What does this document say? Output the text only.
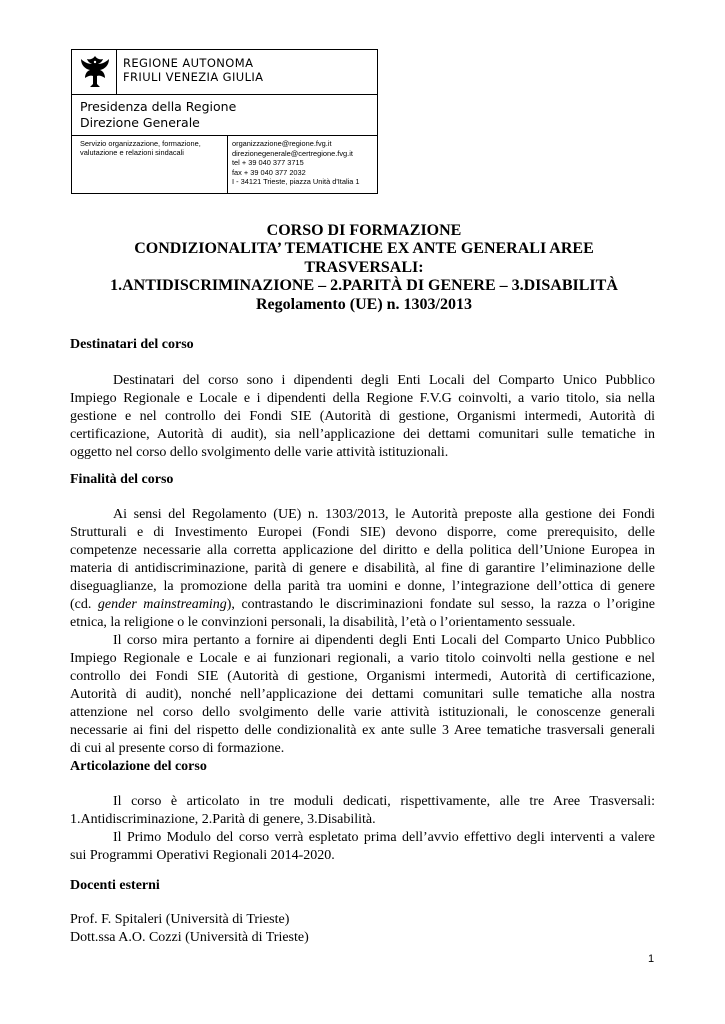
REGIONE AUTONOMA
FRIULI VENEZIA GIULIA
Presidenza della Regione
Direzione Generale
Servizio organizzazione, formazione,
valutazione e relazioni sindacali
organizzazione@regione.fvg.it
direzionegenerale@certregione.fvg.it
tel + 39 040 377 3715
fax + 39 040 377 2032
I - 34121 Trieste, piazza Unità d'Italia 1
CORSO DI FORMAZIONE
CONDIZIONALITA’ TEMATICHE EX ANTE GENERALI AREE
TRASVERSALI:
1.ANTIDISCRIMINAZIONE – 2.PARITÀ DI GENERE – 3.DISABILITÀ
Regolamento (UE) n. 1303/2013
Destinatari del corso
Destinatari del corso sono i dipendenti degli Enti Locali del Comparto Unico Pubblico
Impiego Regionale e Locale e i dipendenti della Regione F.V.G coinvolti, a vario titolo, sia nella
gestione e nel controllo dei Fondi SIE (Autorità di gestione, Organismi intermedi, Autorità di
certificazione, Autorità di audit), sia nell’applicazione dei dettami comunitari sulle tematiche in
oggetto nel corso dello svolgimento delle varie attività istituzionali.
Finalità del corso
Ai sensi del Regolamento (UE) n. 1303/2013, le Autorità preposte alla gestione dei Fondi
Strutturali e di Investimento Europei (Fondi SIE) devono disporre, come prerequisito, delle
competenze necessarie alla corretta applicazione del diritto e della politica dell’Unione Europea in
materia di antidiscriminazione, parità di genere e disabilità, al fine di garantire l’eliminazione delle
diseguaglianze, la promozione della parità tra uomini e donne, l’integrazione dell’ottica di genere
(cd. gender mainstreaming), contrastando le discriminazioni fondate sul sesso, la razza o l’origine
etnica, la religione o le convinzioni personali, la disabilità, l’età o l’orientamento sessuale.
Il corso mira pertanto a fornire ai dipendenti degli Enti Locali del Comparto Unico Pubblico
Impiego Regionale e Locale e ai funzionari regionali, a vario titolo coinvolti nella gestione e nel
controllo dei Fondi SIE (Autorità di gestione, Organismi intermedi, Autorità di certificazione,
Autorità di audit), nonché nell’applicazione dei dettami comunitari sulle tematiche alla nostra
attenzione nel corso dello svolgimento delle varie attività istituzionali, le conoscenze generali
necessarie ai fini del rispetto delle condizionalità ex ante sulle 3 Aree tematiche trasversali generali
di cui al presente corso di formazione.
Articolazione del corso
Il corso è articolato in tre moduli dedicati, rispettivamente, alle tre Aree Trasversali:
1.Antidiscriminazione, 2.Parità di genere, 3.Disabilità.
Il Primo Modulo del corso verrà espletato prima dell’avvio effettivo degli interventi a valere
sui Programmi Operativi Regionali 2014-2020.
Docenti esterni
Prof. F. Spitaleri (Università di Trieste)
Dott.ssa A.O. Cozzi (Università di Trieste)
1
